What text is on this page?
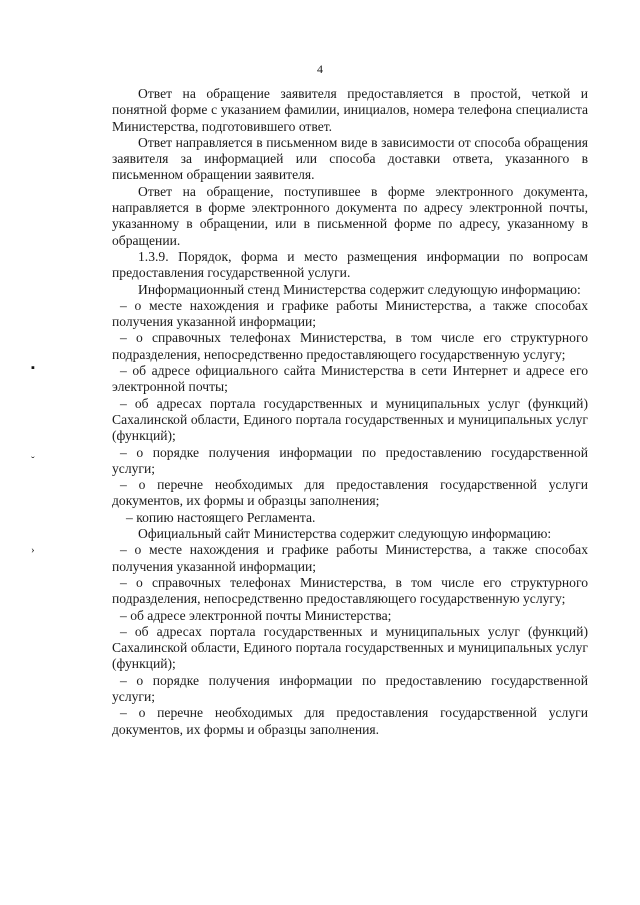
4
▪
ˇ
›

Ответ на обращение заявителя предоставляется в простой, четкой и понятной форме с указанием фамилии, инициалов, номера телефона специалиста Министерства, подготовившего ответ.

Ответ направляется в письменном виде в зависимости от способа обращения заявителя за информацией или способа доставки ответа, указанного в письменном обращении заявителя.

Ответ на обращение, поступившее в форме электронного документа, направляется в форме электронного документа по адресу электронной почты, указанному в обращении, или в письменной форме по адресу, указанному в обращении.

1.3.9. Порядок, форма и место размещения информации по вопросам предоставления государственной услуги.

Информационный стенд Министерства содержит следующую информацию:

– о месте нахождения и графике работы Министерства, а также способах получения указанной информации;

– о справочных телефонах Министерства, в том числе его структурного подразделения, непосредственно предоставляющего государственную услугу;

– об адресе официального сайта Министерства в сети Интернет и адресе его электронной почты;

– об адресах портала государственных и муниципальных услуг (функций) Сахалинской области, Единого портала государственных и муниципальных услуг (функций);

– о порядке получения информации по предоставлению государственной услуги;

– о перечне необходимых для предоставления государственной услуги документов, их формы и образцы заполнения;

– копию настоящего Регламента.

Официальный сайт Министерства содержит следующую информацию:

– о месте нахождения и графике работы Министерства, а также способах получения указанной информации;

– о справочных телефонах Министерства, в том числе его структурного подразделения, непосредственно предоставляющего государственную услугу;

– об адресе электронной почты Министерства;

– об адресах портала государственных и муниципальных услуг (функций) Сахалинской области, Единого портала государственных и муниципальных услуг (функций);

– о порядке получения информации по предоставлению государственной услуги;

– о перечне необходимых для предоставления государственной услуги документов, их формы и образцы заполнения.
